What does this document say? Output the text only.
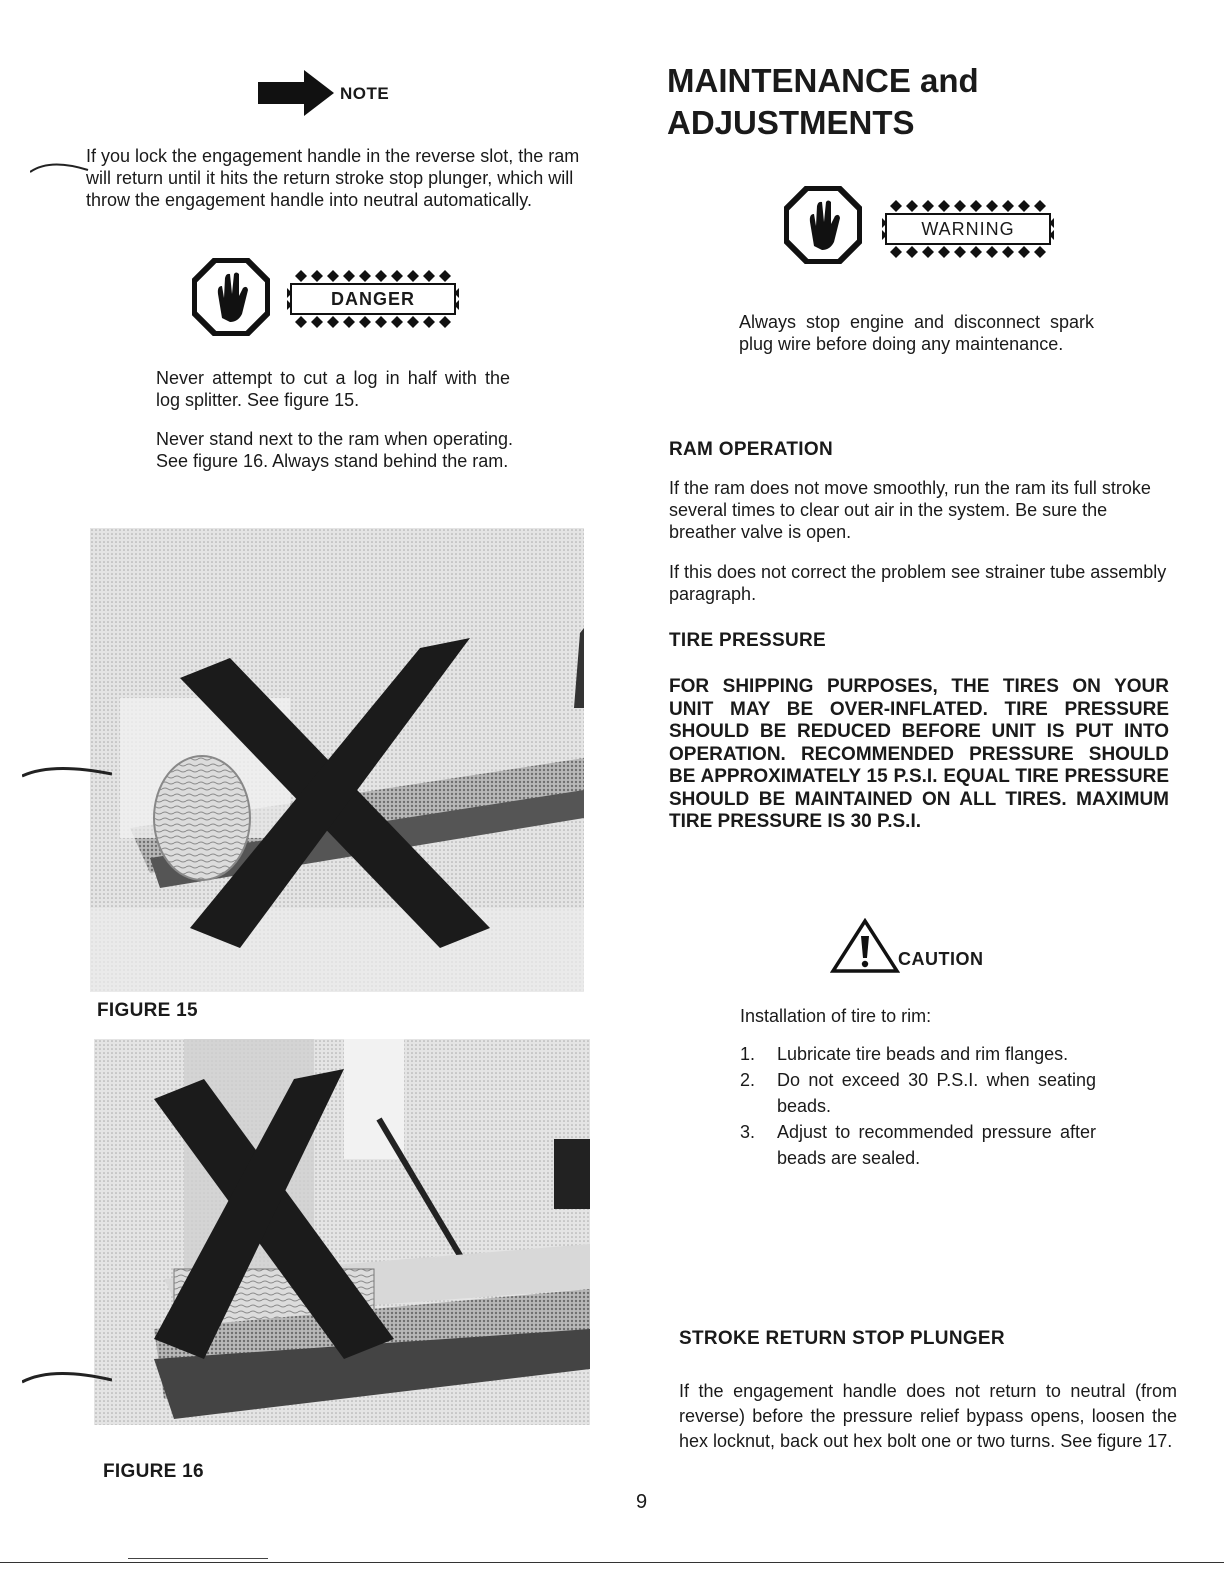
NOTE

If you lock the engagement handle in the reverse slot, the ram will return until it hits the return stroke stop plunger, which will throw the engagement handle into neutral automatically.

DANGER

Never attempt to cut a log in half with the log splitter. See figure 15.

Never stand next to the ram when operating. See figure 16. Always stand behind the ram.

FIGURE 15
FIGURE 16
MAINTENANCE and ADJUSTMENTS
WARNING

Always stop engine and disconnect spark plug wire before doing any maintenance.

RAM OPERATION

If the ram does not move smoothly, run the ram its full stroke several times to clear out air in the system. Be sure the breather valve is open.

If this does not correct the problem see strainer tube assembly paragraph.

TIRE PRESSURE

FOR SHIPPING PURPOSES, THE TIRES ON YOUR UNIT MAY BE OVER-INFLATED. TIRE PRESSURE SHOULD BE REDUCED BEFORE UNIT IS PUT INTO OPERATION. RECOMMENDED PRESSURE SHOULD BE APPROXIMATELY 15 P.S.I. EQUAL TIRE PRESSURE SHOULD BE MAINTAINED ON ALL TIRES. MAXIMUM TIRE PRESSURE IS 30 P.S.I.

CAUTION

Installation of tire to rim:

1.	Lubricate tire beads and rim flanges.
2.	Do not exceed 30 P.S.I. when seating beads.
3.	Adjust to recommended pressure after beads are sealed.
STROKE RETURN STOP PLUNGER

If the engagement handle does not return to neutral (from reverse) before the pressure relief bypass opens, loosen the hex locknut, back out hex bolt one or two turns. See figure 17.

9
